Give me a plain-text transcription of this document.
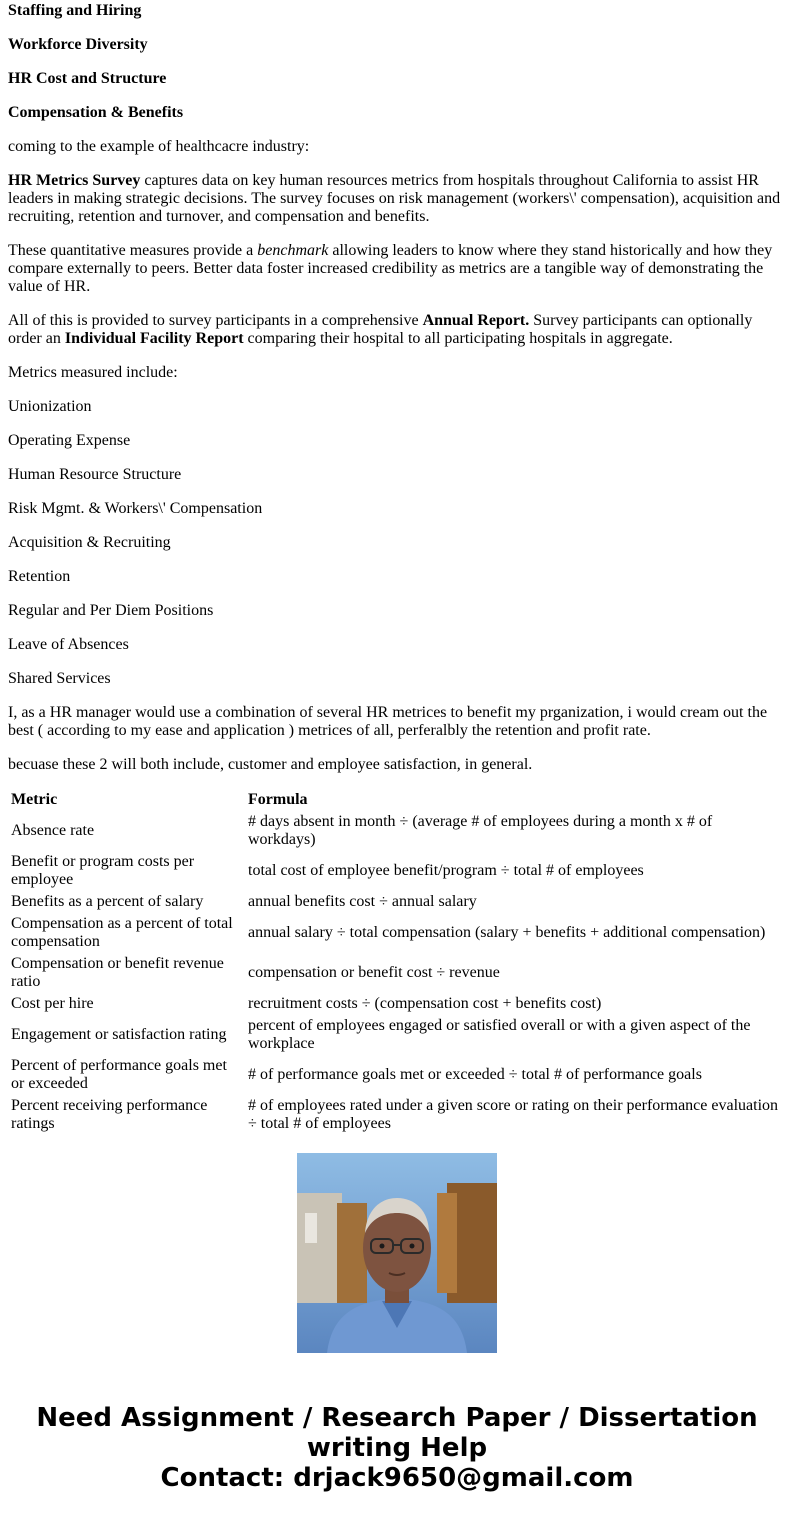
Staffing and Hiring

Workforce Diversity

HR Cost and Structure

Compensation & Benefits

coming to the example of healthcacre industry:

HR Metrics Survey captures data on key human resources metrics from hospitals throughout California to assist HR leaders in making strategic decisions. The survey focuses on risk management (workers\' compensation), acquisition and recruiting, retention and turnover, and compensation and benefits.

These quantitative measures provide a benchmark allowing leaders to know where they stand historically and how they compare externally to peers. Better data foster increased credibility as metrics are a tangible way of demonstrating the value of HR.

All of this is provided to survey participants in a comprehensive Annual Report. Survey participants can optionally order an Individual Facility Report comparing their hospital to all participating hospitals in aggregate.

Metrics measured include:

Unionization

Operating Expense

Human Resource Structure

Risk Mgmt. & Workers\' Compensation

Acquisition & Recruiting

Retention

Regular and Per Diem Positions

Leave of Absences

Shared Services

I, as a HR manager would use a combination of several HR metrices to benefit my prganization, i would cream out the best ( according to my ease and application ) metrices of all, perferalbly the retention and profit rate.

becuase these 2 will both include, customer and employee satisfaction, in general.

Metric	Formula
Absence rate	# days absent in month ÷ (average # of employees during a month x # of workdays)
Benefit or program costs per employee	total cost of employee benefit/program ÷ total # of employees
Benefits as a percent of salary	annual benefits cost ÷ annual salary
Compensation as a percent of total compensation	annual salary ÷ total compensation (salary + benefits + additional compensation)
Compensation or benefit revenue ratio	compensation or benefit cost ÷ revenue
Cost per hire	recruitment costs ÷ (compensation cost + benefits cost)
Engagement or satisfaction rating	percent of employees engaged or satisfied overall or with a given aspect of the workplace
Percent of performance goals met or exceeded	# of performance goals met or exceeded ÷ total # of performance goals
Percent receiving performance ratings	# of employees rated under a given score or rating on their performance evaluation ÷ total # of employees
Need Assignment / Research Paper / Dissertation
writing Help
Contact: drjack9650@gmail.com
